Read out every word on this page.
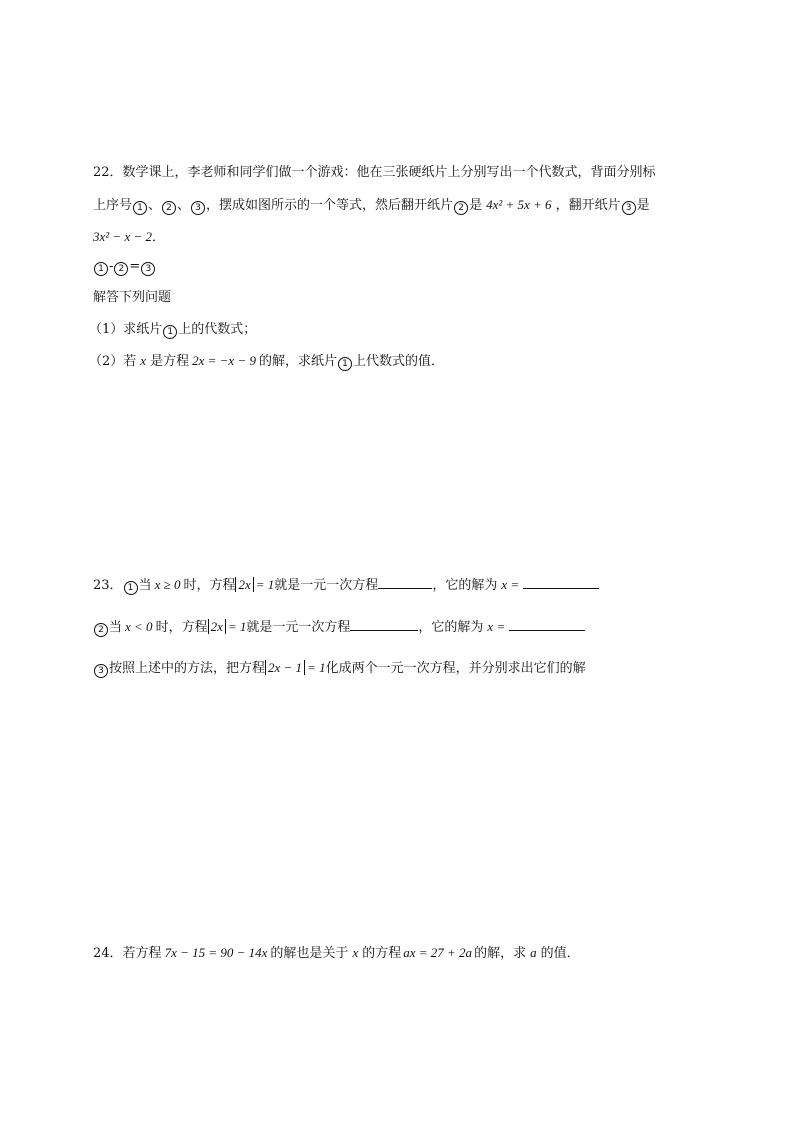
22．数学课上，李老师和同学们做一个游戏：他在三张硬纸片上分别写出一个代数式，背面分别标
上序号 1 、 2 、 3 ，摆成如图所示的一个等式，然后翻开纸片 2 是 4x² + 5x + 6 ，翻开纸片 3 是
3x² − x − 2．
1 - 2 = 3
解答下列问题
（1）求纸片 1 上的代数式；
（2）若 x 是方程 2x = −x − 9 的解，求纸片 1 上代数式的值．
23． 1 当 x ≥ 0 时，方程 2x = 1就是一元一次方程	，它的解为 x =
2 当 x < 0 时，方程 2x = 1就是一元一次方程	，它的解为 x =
3 按照上述中的方法，把方程 2x − 1 = 1化成两个一元一次方程，并分别求出它们的解
24．若方程 7x − 15 = 90 − 14x 的解也是关于 x 的方程 ax = 27 + 2a 的解，求 a 的值．
